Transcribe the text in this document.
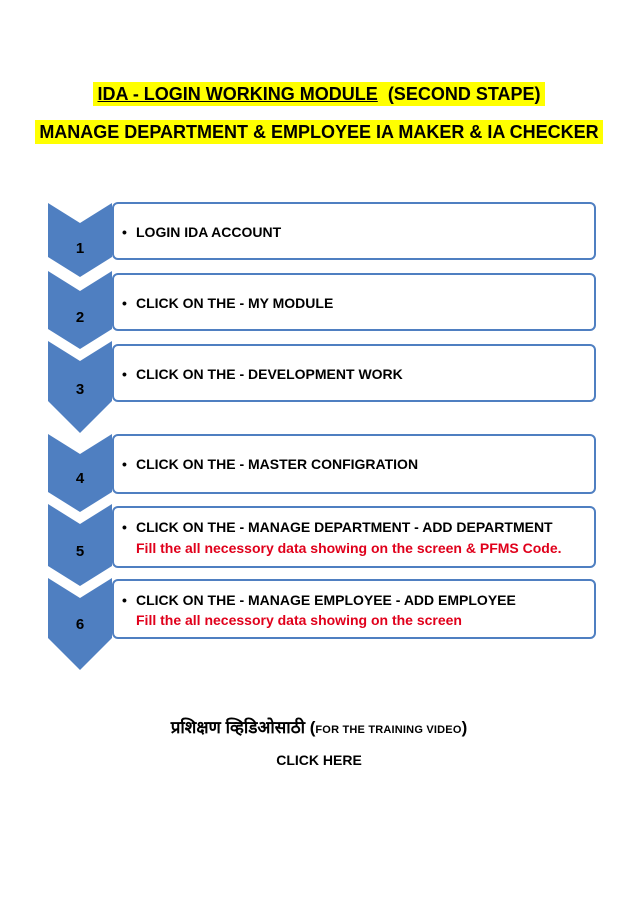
IDA - LOGIN WORKING MODULE (SECOND STAPE)
MANAGE DEPARTMENT & EMPLOYEE IA MAKER & IA CHECKER
1
2
3
• LOGIN IDA ACCOUNT
• CLICK ON THE - MY MODULE
• CLICK ON THE - DEVELOPMENT WORK
4
5
6
• CLICK ON THE - MASTER CONFIGRATION
• CLICK ON THE - MANAGE DEPARTMENT - ADD DEPARTMENT
Fill the all necessory data showing on the screen & PFMS Code.
• CLICK ON THE - MANAGE EMPLOYEE - ADD EMPLOYEE
Fill the all necessory data showing on the screen
प्रशिक्षण व्हिडिओसाठी (FOR THE TRAINING VIDEO)
CLICK HERE
